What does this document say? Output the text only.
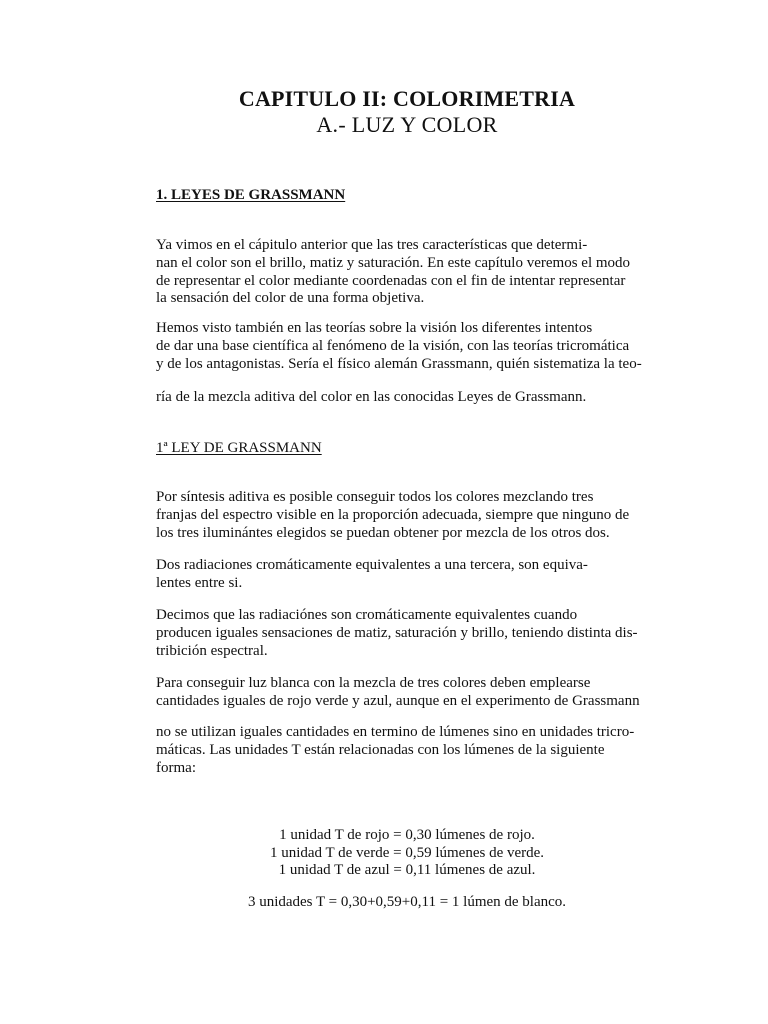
CAPITULO II: COLORIMETRIA
A.- LUZ Y COLOR
1. LEYES DE GRASSMANN
Ya vimos en el cápitulo anterior que las tres características que determi-
nan el color son el brillo, matiz y saturación. En este capítulo veremos el modo
de representar el color mediante coordenadas con el fin de intentar representar
la sensación del color de una forma objetiva.
Hemos visto también en las teorías sobre la visión los diferentes intentos
de dar una base científica al fenómeno de la visión, con las teorías tricromática
y de los antagonistas. Sería el físico alemán Grassmann, quién sistematiza la teo-
ría de la mezcla aditiva del color en las conocidas Leyes de Grassmann.
1ª LEY DE GRASSMANN
Por síntesis aditiva es posible conseguir todos los colores mezclando tres
franjas del espectro visible en la proporción adecuada, siempre que ninguno de
los tres iluminántes elegidos se puedan obtener por mezcla de los otros dos.
Dos radiaciones cromáticamente equivalentes a una tercera, son equiva-
lentes entre si.
Decimos que las radiaciónes son cromáticamente equivalentes cuando
producen iguales sensaciones de matiz, saturación y brillo, teniendo distinta dis-
tribición espectral.
Para conseguir luz blanca con la mezcla de tres colores deben emplearse
cantidades iguales de rojo verde y azul, aunque en el experimento de Grassmann
no se utilizan iguales cantidades en termino de lúmenes sino en unidades tricro-
máticas. Las unidades T están relacionadas con los lúmenes de la siguiente
forma:
1 unidad T de rojo = 0,30 lúmenes de rojo.
1 unidad T de verde = 0,59 lúmenes de verde.
1 unidad T de azul = 0,11 lúmenes de azul.
3 unidades T = 0,30+0,59+0,11 = 1 lúmen de blanco.
